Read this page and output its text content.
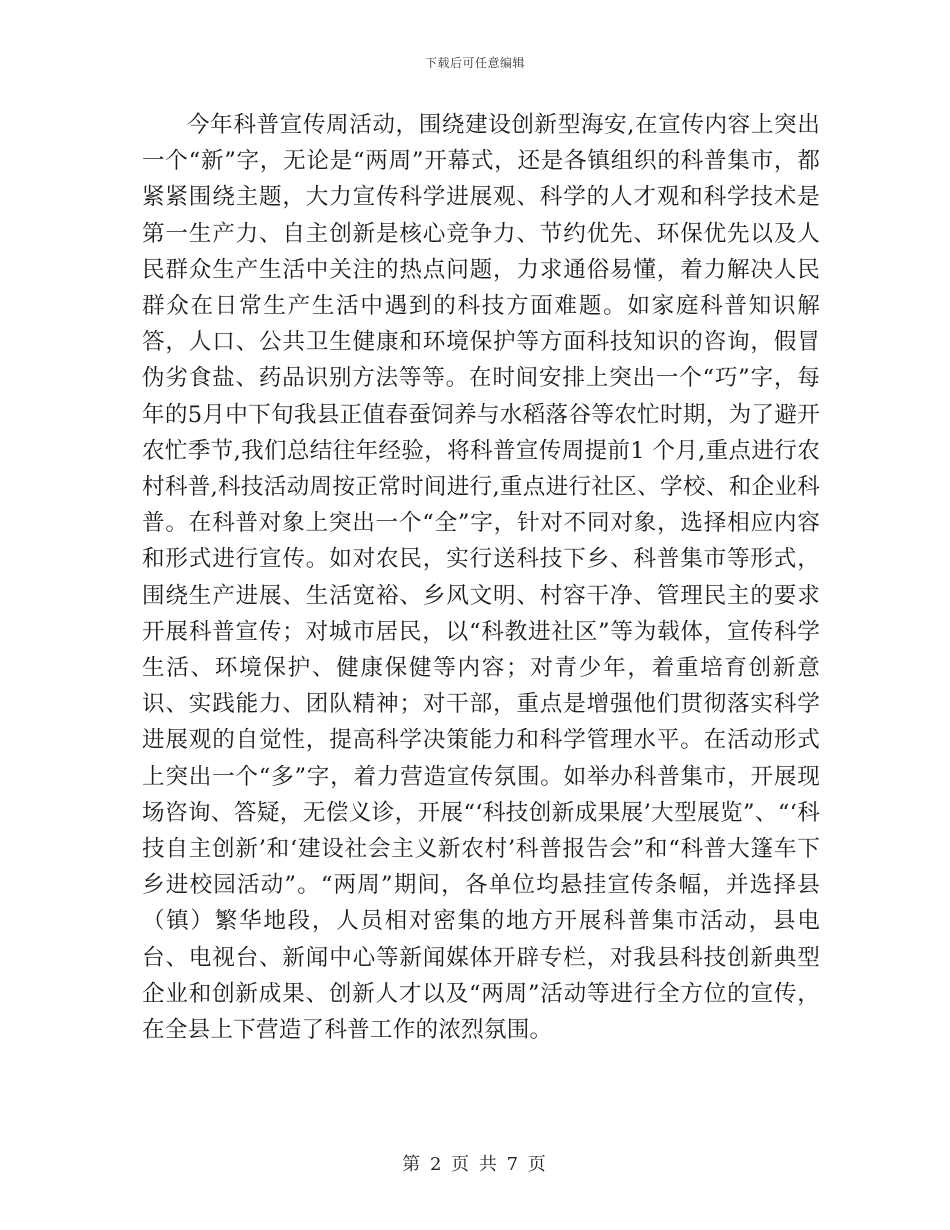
下载后可任意编辑

今年科普宣传周活动，围绕建设创新型海安,在宣传内容上突出一个“新”字，无论是“两周”开幕式，还是各镇组织的科普集市，都紧紧围绕主题，大力宣传科学进展观、科学的人才观和科学技术是第一生产力、自主创新是核心竞争力、节约优先、环保优先以及人民群众生产生活中关注的热点问题，力求通俗易懂，着力解决人民群众在日常生产生活中遇到的科技方面难题。如家庭科普知识解答，人口、公共卫生健康和环境保护等方面科技知识的咨询，假冒伪劣食盐、药品识别方法等等。在时间安排上突出一个“巧”字，每年的5月中下旬我县正值春蚕饲养与水稻落谷等农忙时期，为了避开农忙季节,我们总结往年经验，将科普宣传周提前1 个月,重点进行农村科普,科技活动周按正常时间进行,重点进行社区、学校、和企业科普。在科普对象上突出一个“全”字，针对不同对象，选择相应内容和形式进行宣传。如对农民，实行送科技下乡、科普集市等形式，围绕生产进展、生活宽裕、乡风文明、村容干净、管理民主的要求开展科普宣传；对城市居民，以“科教进社区”等为载体，宣传科学生活、环境保护、健康保健等内容；对青少年，着重培育创新意识、实践能力、团队精神；对干部，重点是增强他们贯彻落实科学进展观的自觉性，提高科学决策能力和科学管理水平。在活动形式上突出一个“多”字，着力营造宣传氛围。如举办科普集市，开展现场咨询、答疑，无偿义诊，开展“‘科技创新成果展’大型展览”、“‘科技自主创新’和‘建设社会主义新农村’科普报告会”和“科普大篷车下乡进校园活动”。“两周”期间，各单位均悬挂宣传条幅，并选择县（镇）繁华地段，人员相对密集的地方开展科普集市活动，县电台、电视台、新闻中心等新闻媒体开辟专栏，对我县科技创新典型企业和创新成果、创新人才以及“两周”活动等进行全方位的宣传，在全县上下营造了科普工作的浓烈氛围。

第 2 页 共 7 页
